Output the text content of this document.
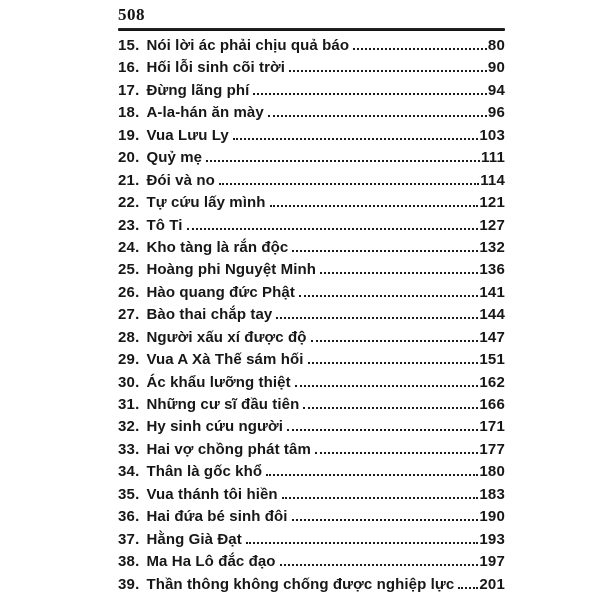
508
15. Nói lời ác phải chịu quả báo	80
16. Hối lỗi sinh cõi trời	90
17. Đừng lãng phí	94
18. A-la-hán ăn mày	96
19. Vua Lưu Ly	103
20. Quỷ mẹ	111
21. Đói và no	114
22. Tự cứu lấy mình	121
23. Tô Ti	127
24. Kho tàng là rắn độc	132
25. Hoàng phi Nguyệt Minh	136
26. Hào quang đức Phật	141
27. Bào thai chắp tay	144
28. Người xấu xí được độ	147
29. Vua A Xà Thế sám hối	151
30. Ác khẩu lưỡng thiệt	162
31. Những cư sĩ đầu tiên	166
32. Hy sinh cứu người	171
33. Hai vợ chồng phát tâm	177
34. Thân là gốc khổ	180
35. Vua thánh tôi hiền	183
36. Hai đứa bé sinh đôi	190
37. Hằng Già Đạt	193
38. Ma Ha Lô đắc đạo	197
39. Thần thông không chống được nghiệp lực 201
